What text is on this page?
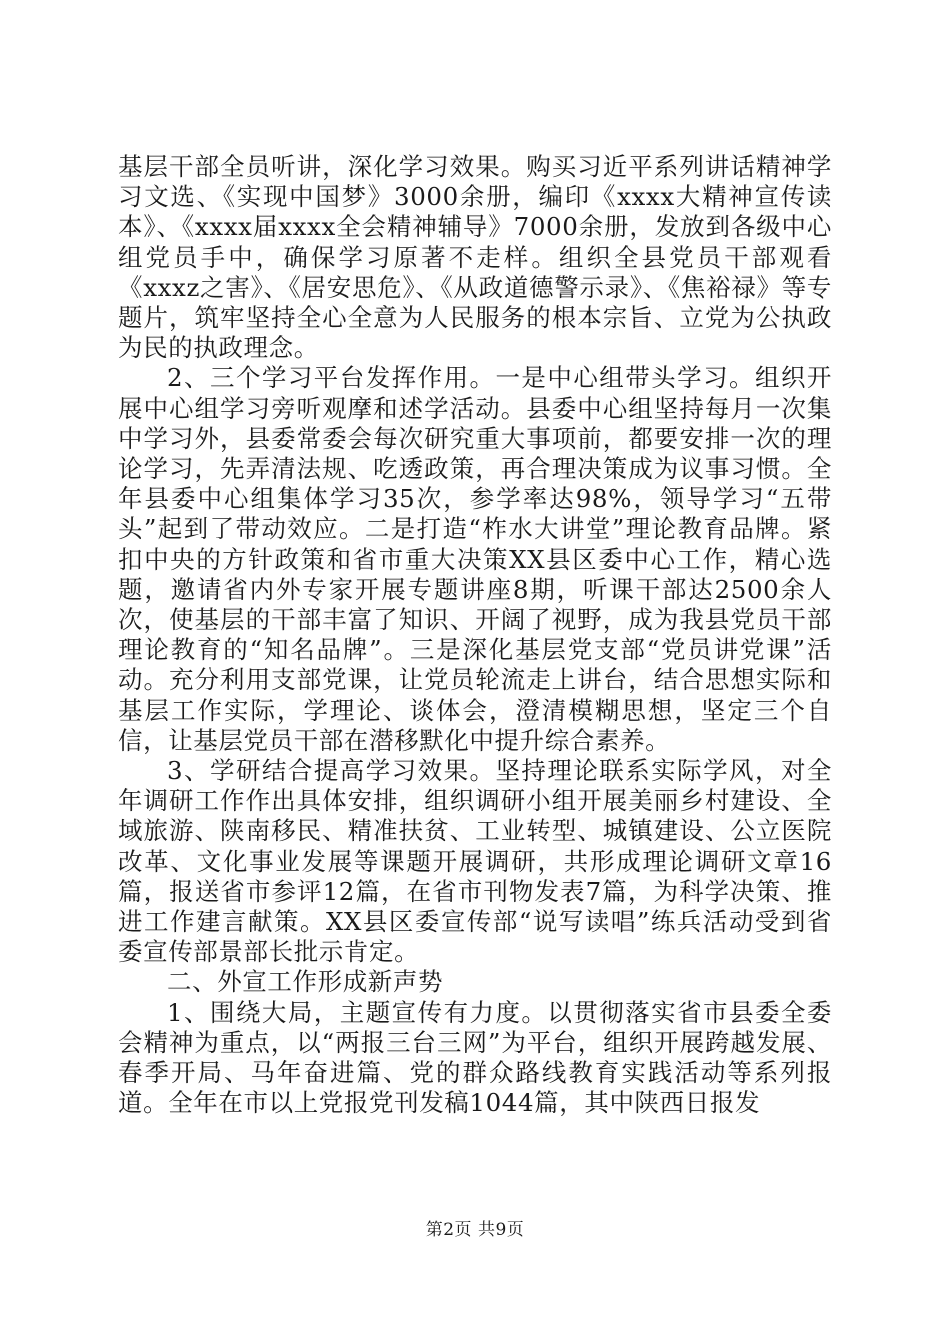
基层干部全员听讲，深化学习效果。购买习近平系列讲话精神学习文选、《实现中国梦》3000余册，编印《xxxx大精神宣传读本》、《xxxx届xxxx全会精神辅导》7000余册，发放到各级中心组党员手中，确保学习原著不走样。组织全县党员干部观看《xxxz之害》、《居安思危》、《从政道德警示录》、《焦裕禄》等专题片，筑牢坚持全心全意为人民服务的根本宗旨、立党为公执政为民的执政理念。

2、三个学习平台发挥作用。一是中心组带头学习。组织开展中心组学习旁听观摩和述学活动。县委中心组坚持每月一次集中学习外，县委常委会每次研究重大事项前，都要安排一次的理论学习，先弄清法规、吃透政策，再合理决策成为议事习惯。全年县委中心组集体学习35次，参学率达98%，领导学习“五带头”起到了带动效应。二是打造“柞水大讲堂”理论教育品牌。紧扣中央的方针政策和省市重大决策XX县区委中心工作，精心选题，邀请省内外专家开展专题讲座8期，听课干部达2500余人次，使基层的干部丰富了知识、开阔了视野，成为我县党员干部理论教育的“知名品牌”。三是深化基层党支部“党员讲党课”活动。充分利用支部党课，让党员轮流走上讲台，结合思想实际和基层工作实际，学理论、谈体会，澄清模糊思想，坚定三个自信，让基层党员干部在潜移默化中提升综合素养。

3、学研结合提高学习效果。坚持理论联系实际学风，对全年调研工作作出具体安排，组织调研小组开展美丽乡村建设、全域旅游、陕南移民、精准扶贫、工业转型、城镇建设、公立医院改革、文化事业发展等课题开展调研，共形成理论调研文章16篇，报送省市参评12篇，在省市刊物发表7篇，为科学决策、推进工作建言献策。XX县区委宣传部“说写读唱”练兵活动受到省委宣传部景部长批示肯定。

二、外宣工作形成新声势

1、围绕大局，主题宣传有力度。以贯彻落实省市县委全委会精神为重点，以“两报三台三网”为平台，组织开展跨越发展、春季开局、马年奋进篇、党的群众路线教育实践活动等系列报道。全年在市以上党报党刊发稿1044篇，其中陕西日报发

第2页 共9页
